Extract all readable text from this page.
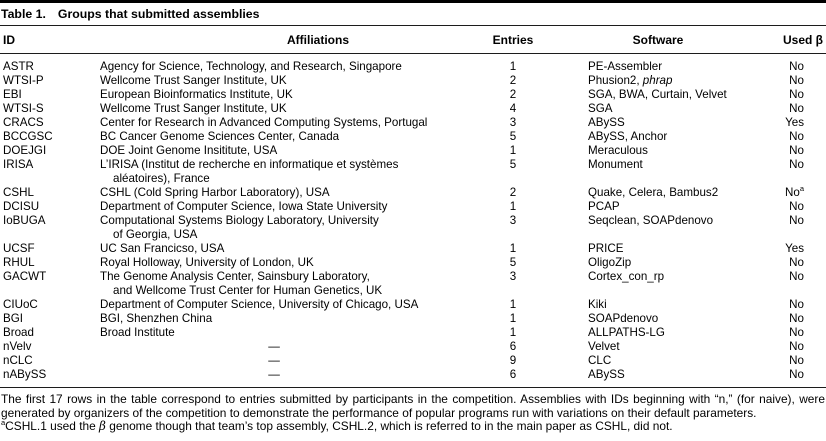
Table 1. Groups that submitted assemblies
ID	Affiliations	Entries	Software	Used β
ASTR	Agency for Science, Technology, and Research, Singapore	1	PE-Assembler	No
WTSI-P	Wellcome Trust Sanger Institute, UK	2	Phusion2, phrap	No
EBI	European Bioinformatics Institute, UK	2	SGA, BWA, Curtain, Velvet	No
WTSI-S	Wellcome Trust Sanger Institute, UK	4	SGA	No
CRACS	Center for Research in Advanced Computing Systems, Portugal	3	ABySS	Yes
BCCGSC	BC Cancer Genome Sciences Center, Canada	5	ABySS, Anchor	No
DOEJGI	DOE Joint Genome Insititute, USA	1	Meraculous	No
IRISA	L’IRISA (Institut de recherche en informatique et systèmes
aléatoires), France	5	Monument	No
CSHL	CSHL (Cold Spring Harbor Laboratory), USA	2	Quake, Celera, Bambus2	No$^a$
DCISU	Department of Computer Science, Iowa State University	1	PCAP	No
IoBUGA	Computational Systems Biology Laboratory, University
of Georgia, USA	3	Seqclean, SOAPdenovo	No
UCSF	UC San Francicso, USA	1	PRICE	Yes
RHUL	Royal Holloway, University of London, UK	5	OligoZip	No
GACWT	The Genome Analysis Center, Sainsbury Laboratory,
and Wellcome Trust Center for Human Genetics, UK	3	Cortex_con_rp	No
CIUoC	Department of Computer Science, University of Chicago, USA	1	Kiki	No
BGI	BGI, Shenzhen China	1	SOAPdenovo	No
Broad	Broad Institute	1	ALLPATHS-LG	No
nVelv	—	6	Velvet	No
nCLC	—	9	CLC	No
nABySS	—	6	ABySS	No

The first 17 rows in the table correspond to entries submitted by participants in the competition. Assemblies with IDs beginning with “n,” (for naive), were generated by organizers of the competition to demonstrate the performance of popular programs run with variations on their default parameters.

$^a$CSHL.1 used the β genome though that team’s top assembly, CSHL.2, which is referred to in the main paper as CSHL, did not.
